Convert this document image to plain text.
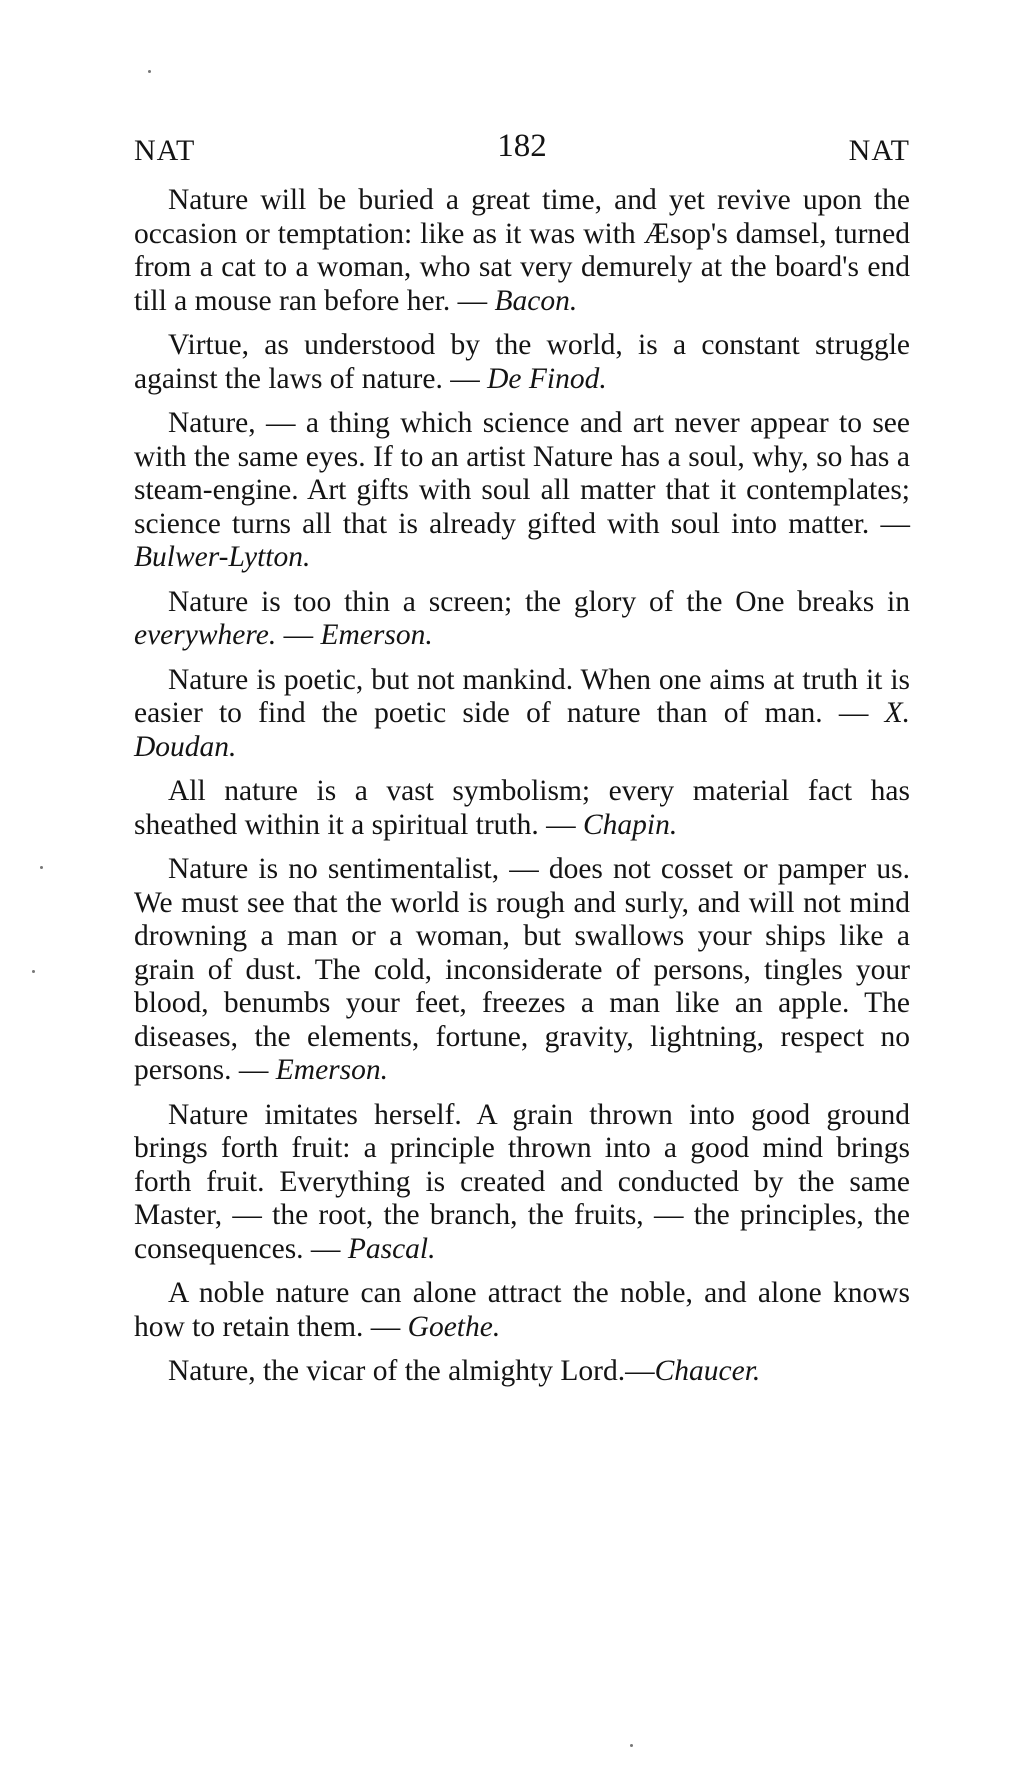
NAT	182	NAT

Nature will be buried a great time, and yet revive upon the occasion or temptation: like as it was with Æsop's damsel, turned from a cat to a woman, who sat very demurely at the board's end till a mouse ran before her. — Bacon.

Virtue, as understood by the world, is a constant struggle against the laws of nature. — De Finod.

Nature, — a thing which science and art never appear to see with the same eyes. If to an artist Nature has a soul, why, so has a steam-engine. Art gifts with soul all matter that it contemplates; science turns all that is already gifted with soul into matter. — Bulwer-Lytton.

Nature is too thin a screen; the glory of the One breaks in everywhere. — Emerson.

Nature is poetic, but not mankind. When one aims at truth it is easier to find the poetic side of nature than of man. — X. Doudan.

All nature is a vast symbolism; every material fact has sheathed within it a spiritual truth. — Chapin.

Nature is no sentimentalist, — does not cosset or pamper us. We must see that the world is rough and surly, and will not mind drowning a man or a woman, but swallows your ships like a grain of dust. The cold, inconsiderate of persons, tingles your blood, benumbs your feet, freezes a man like an apple. The diseases, the elements, fortune, gravity, lightning, respect no persons. — Emerson.

Nature imitates herself. A grain thrown into good ground brings forth fruit: a principle thrown into a good mind brings forth fruit. Everything is created and conducted by the same Master, — the root, the branch, the fruits, — the principles, the consequences. — Pascal.

A noble nature can alone attract the noble, and alone knows how to retain them. — Goethe.

Nature, the vicar of the almighty Lord.—Chaucer.
